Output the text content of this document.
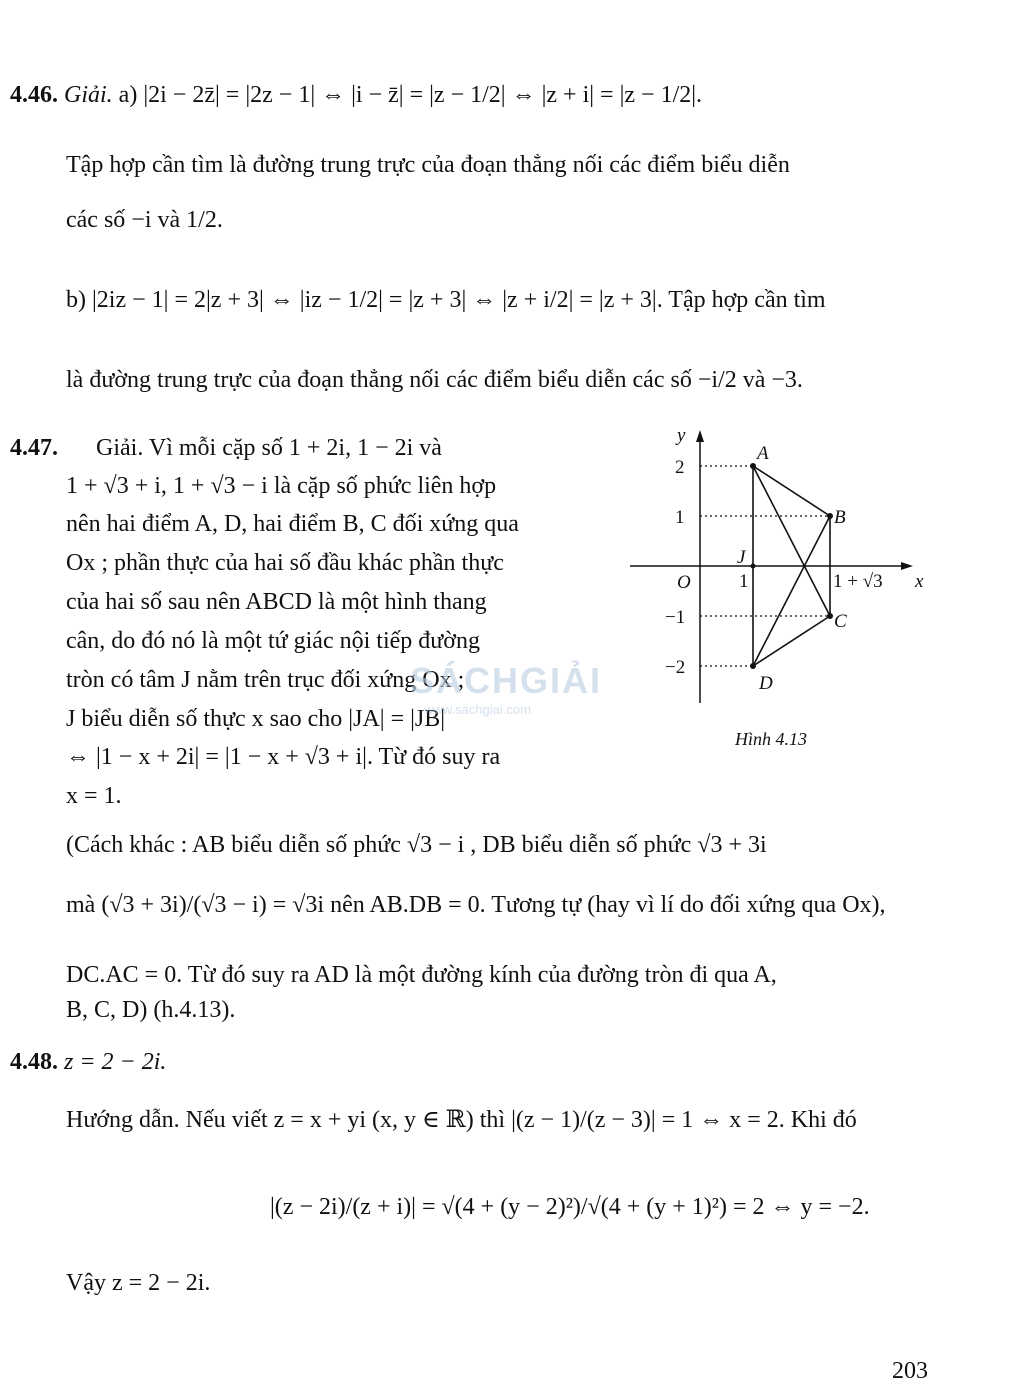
4.46. Giải. a) |2i − 2z̄| = |2z − 1| ⇔ |i − z̄| = |z − 1/2| ⇔ |z + i| = |z − 1/2|.
Tập hợp cần tìm là đường trung trực của đoạn thẳng nối các điểm biểu diễn
các số −i và 1/2.
b) |2iz − 1| = 2|z + 3| ⇔ |iz − 1/2| = |z + 3| ⇔ |z + i/2| = |z + 3|. Tập hợp cần tìm
là đường trung trực của đoạn thẳng nối các điểm biểu diễn các số −i/2 và −3.
4.47. Giải. Vì mỗi cặp số 1 + 2i, 1 − 2i và
1 + √3 + i, 1 + √3 − i là cặp số phức liên hợp
nên hai điểm A, D, hai điểm B, C đối xứng qua
Ox ; phần thực của hai số đầu khác phần thực
của hai số sau nên ABCD là một hình thang
cân, do đó nó là một tứ giác nội tiếp đường
tròn có tâm J nằm trên trục đối xứng Ox ;
J biểu diễn số thực x sao cho |JA| = |JB|
⇔ |1 − x + 2i| = |1 − x + √3 + i|. Từ đó suy ra
x = 1.
SÁCHGIẢI
www.sachgiai.com
y
x
O
2
1
−1
−2
1	1 + √3
A
B
C
D
J
Hình 4.13
(Cách khác : AB biểu diễn số phức √3 − i , DB biểu diễn số phức √3 + 3i
mà (√3 + 3i)/(√3 − i) = √3i nên AB.DB = 0. Tương tự (hay vì lí do đối xứng qua Ox),
DC.AC = 0. Từ đó suy ra AD là một đường kính của đường tròn đi qua A,
B, C, D) (h.4.13).
4.48. z = 2 − 2i.
Hướng dẫn. Nếu viết z = x + yi (x, y ∈ ℝ) thì |(z − 1)/(z − 3)| = 1 ⇔ x = 2. Khi đó
|(z − 2i)/(z + i)| = √(4 + (y − 2)²)/√(4 + (y + 1)²) = 2 ⇔ y = −2.
Vậy z = 2 − 2i.
203
